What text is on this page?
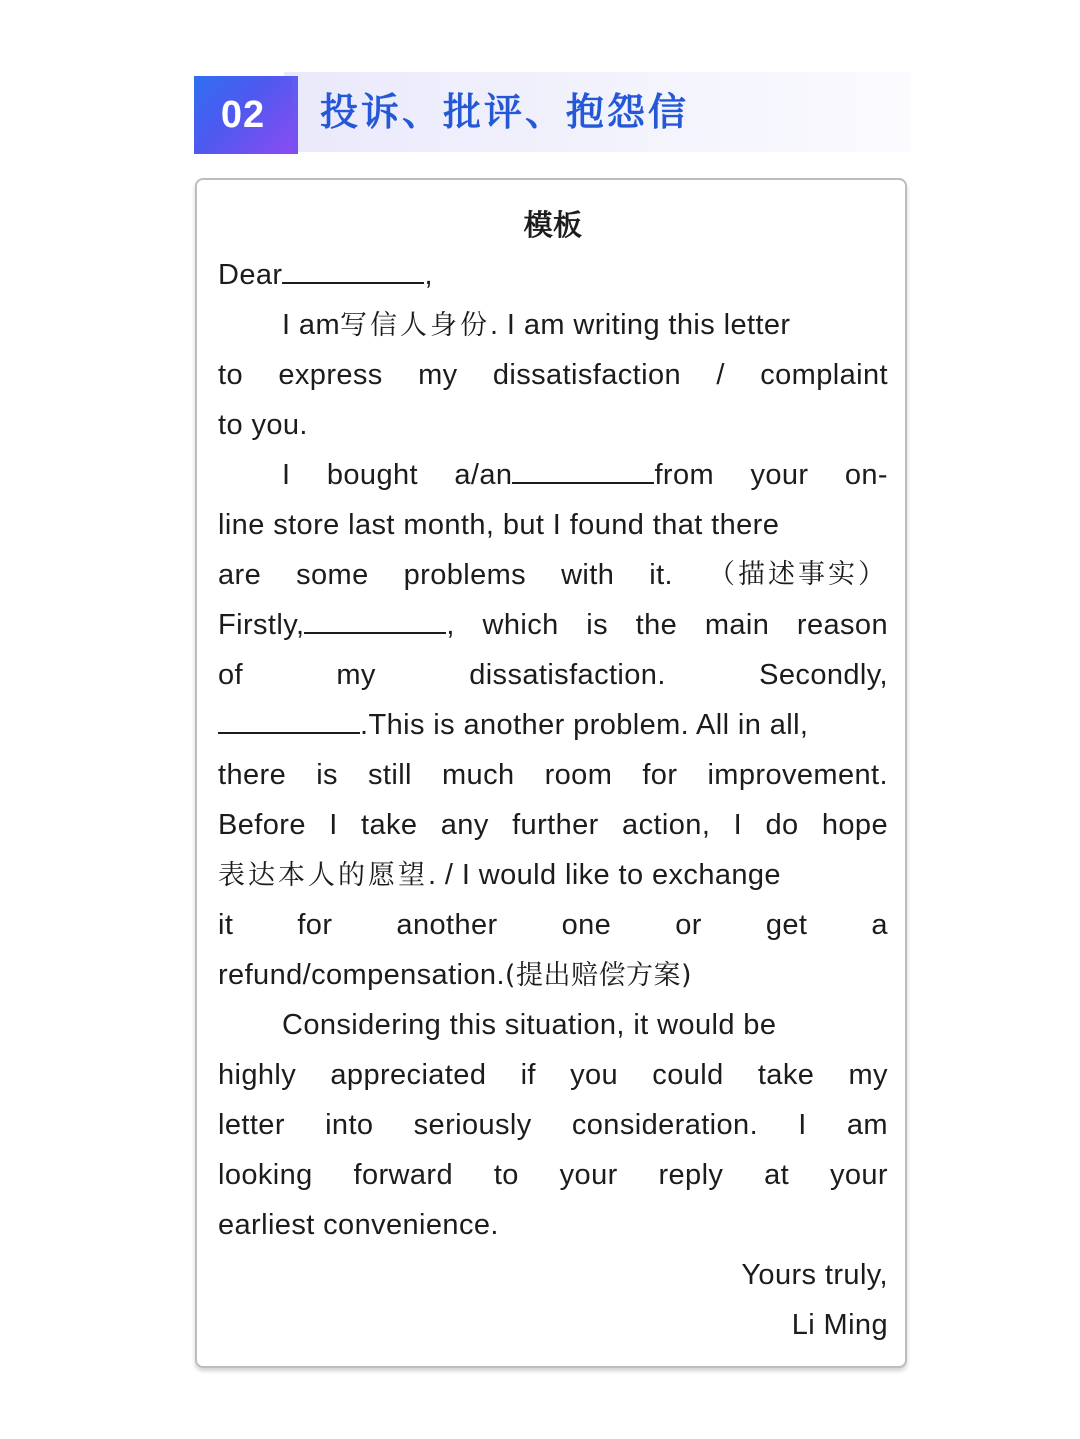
02	投诉、批评、抱怨信
模板
Dear	,
I am写信人身份. I am writing this letter
to express my dissatisfaction / complaint
to you.
I bought a/an	from your on-
line store last month, but I found that there
are some problems with it. （描述事实）
Firstly,	, which is the main reason
of	my	dissatisfaction.	Secondly,
.This is another problem. All in all,
there is still much room for improvement.
Before I take any further action, I do hope
表达本人的愿望. / I would like to exchange
it for another one or get a
refund/compensation.(提出赔偿方案)
Considering this situation, it would be
highly appreciated if you could take my
letter into seriously consideration. I am
looking forward to your reply at your
earliest convenience.
Yours truly,
Li Ming
